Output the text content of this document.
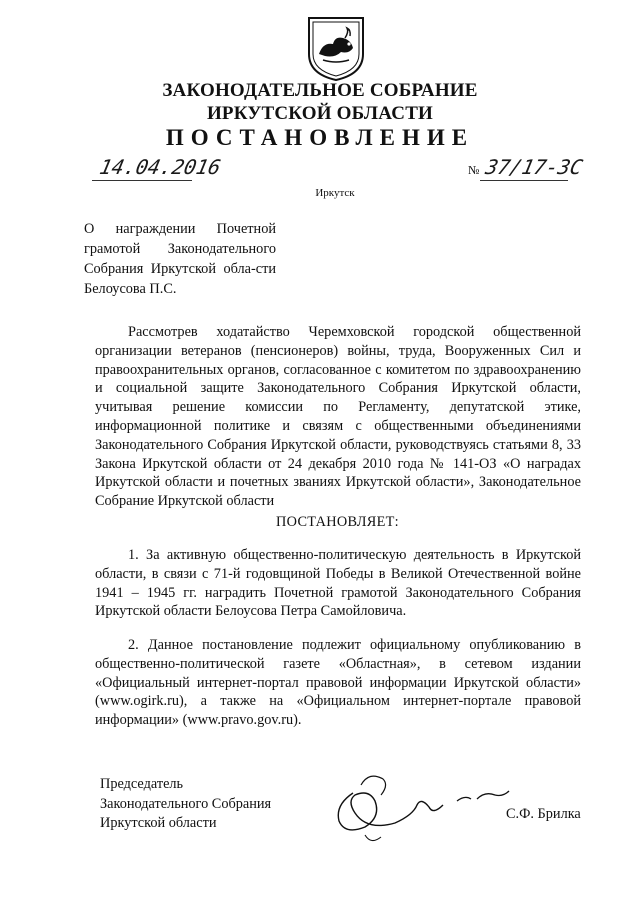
ЗАКОНОДАТЕЛЬНОЕ СОБРАНИЕ
ИРКУТСКОЙ ОБЛАСТИ
ПОСТАНОВЛЕНИЕ
14.04.2016	№ 37/17-ЗС
Иркутск
О награждении Почетной грамотой Законодательного Собрания Иркутской обла-сти Белоусова П.С.
Рассмотрев ходатайство Черемховской городской общественной организации ветеранов (пенсионеров) войны, труда, Вооруженных Сил и правоохранительных органов, согласованное с комитетом по здравоохранению и социальной защите Законодательного Собрания Иркутской области, учитывая решение комиссии по Регламенту, депутатской этике, информационной политике и связям с общественными объединениями Законодательного Собрания Иркутской области, руководствуясь статьями 8, 33 Закона Иркутской области от 24 декабря 2010 года № 141-ОЗ «О наградах Иркутской области и почетных званиях Иркутской области», Законодательное Собрание Иркутской области
ПОСТАНОВЛЯЕТ:
1. За активную общественно-политическую деятельность в Иркутской области, в связи с 71-й годовщиной Победы в Великой Отечественной войне 1941 – 1945 гг. наградить Почетной грамотой Законодательного Собрания Иркутской области Белоусова Петра Самойловича.
2. Данное постановление подлежит официальному опубликованию в общественно-политической газете «Областная», в сетевом издании «Официальный интернет-портал правовой информации Иркутской области» (www.ogirk.ru), а также на «Официальном интернет-портале правовой информации» (www.pravo.gov.ru).
Председатель
Законодательного Собрания
Иркутской области
С.Ф. Брилка
